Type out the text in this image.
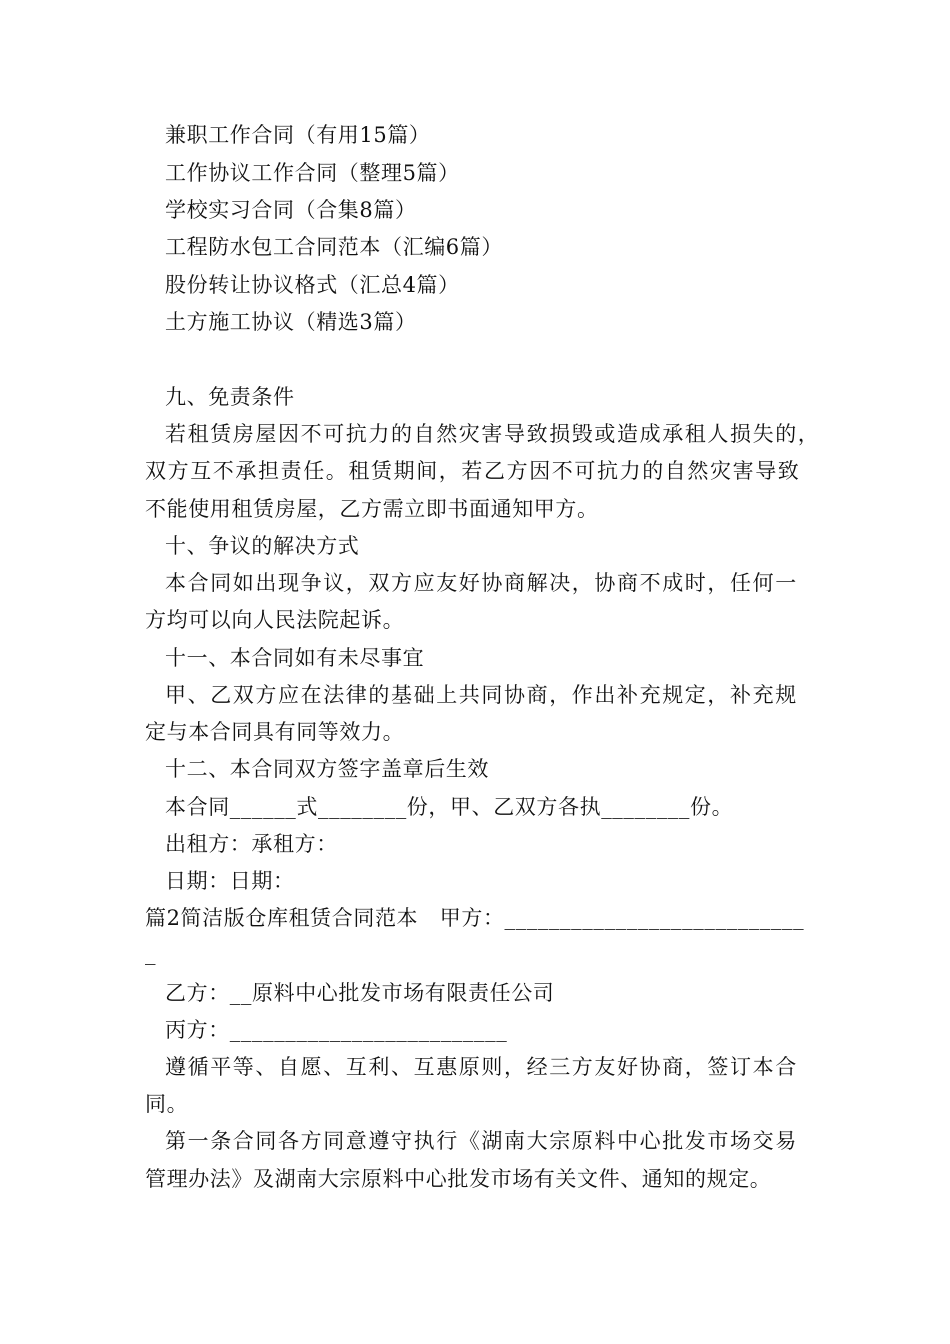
兼职工作合同（有用15篇）
工作协议工作合同（整理5篇）
学校实习合同（合集8篇）
工程防水包工合同范本（汇编6篇）
股份转让协议格式（汇总4篇）
土方施工协议（精选3篇）
九、免责条件
若租赁房屋因不可抗力的自然灾害导致损毁或造成承租人损失的，
双方互不承担责任。租赁期间，若乙方因不可抗力的自然灾害导致
不能使用租赁房屋，乙方需立即书面通知甲方。
十、争议的解决方式
本合同如出现争议，双方应友好协商解决，协商不成时，任何一
方均可以向人民法院起诉。
十一、本合同如有未尽事宜
甲、乙双方应在法律的基础上共同协商，作出补充规定，补充规
定与本合同具有同等效力。
十二、本合同双方签字盖章后生效
本合同______式________份，甲、乙双方各执________份。
出租方：承租方：
日期：日期：
篇2简洁版仓库租赁合同范本　甲方：___________________________
_
乙方：__原料中心批发市场有限责任公司
丙方：_________________________
遵循平等、自愿、互利、互惠原则，经三方友好协商，签订本合
同。
第一条合同各方同意遵守执行《湖南大宗原料中心批发市场交易
管理办法》及湖南大宗原料中心批发市场有关文件、通知的规定。
